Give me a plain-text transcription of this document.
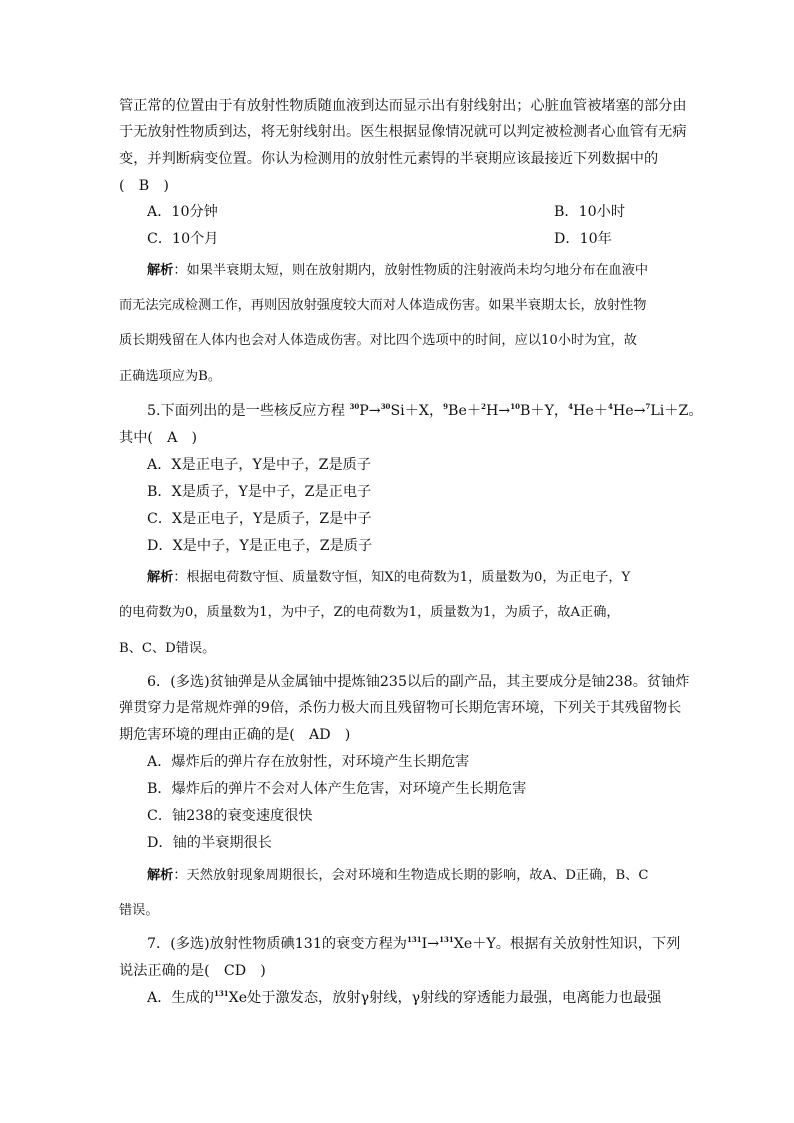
管正常的位置由于有放射性物质随血液到达而显示出有射线射出；心脏血管被堵塞的部分由
于无放射性物质到达，将无射线射出。医生根据显像情况就可以判定被检测者心血管有无病
变，并判断病变位置。你认为检测用的放射性元素锝的半衰期应该最接近下列数据中的
(　B　)
A．10分钟	B．10小时
C．10个月	D．10年
解析：如果半衰期太短，则在放射期内，放射性物质的注射液尚未均匀地分布在血液中
而无法完成检测工作，再则因放射强度较大而对人体造成伤害。如果半衰期太长，放射性物
质长期残留在人体内也会对人体造成伤害。对比四个选项中的时间，应以10小时为宜，故
正确选项应为B。
5.下面列出的是一些核反应方程 $^{30}$P→$^{30}$Si＋X，$^9$Be＋$^2$H→$^{10}$B＋Y，$^4$He＋$^4$He→$^7$Li＋Z。
其中(　A　)
A．X是正电子，Y是中子，Z是质子
B．X是质子，Y是中子，Z是正电子
C．X是正电子，Y是质子，Z是中子
D．X是中子，Y是正电子，Z是质子
解析：根据电荷数守恒、质量数守恒，知X的电荷数为1，质量数为0，为正电子，Y
的电荷数为0，质量数为1，为中子，Z的电荷数为1，质量数为1，为质子，故A正确，
B、C、D错误。
6．(多选)贫铀弹是从金属铀中提炼铀235以后的副产品，其主要成分是铀238。贫铀炸
弹贯穿力是常规炸弹的9倍，杀伤力极大而且残留物可长期危害环境，下列关于其残留物长
期危害环境的理由正确的是(　AD　)
A．爆炸后的弹片存在放射性，对环境产生长期危害
B．爆炸后的弹片不会对人体产生危害，对环境产生长期危害
C．铀238的衰变速度很快
D．铀的半衰期很长
解析：天然放射现象周期很长，会对环境和生物造成长期的影响，故A、D正确，B、C
错误。
7．(多选)放射性物质碘131的衰变方程为$^{131}$I→$^{131}$Xe＋Y。根据有关放射性知识，下列
说法正确的是(　CD　)
A．生成的$^{131}$Xe处于激发态，放射γ射线，γ射线的穿透能力最强，电离能力也最强
